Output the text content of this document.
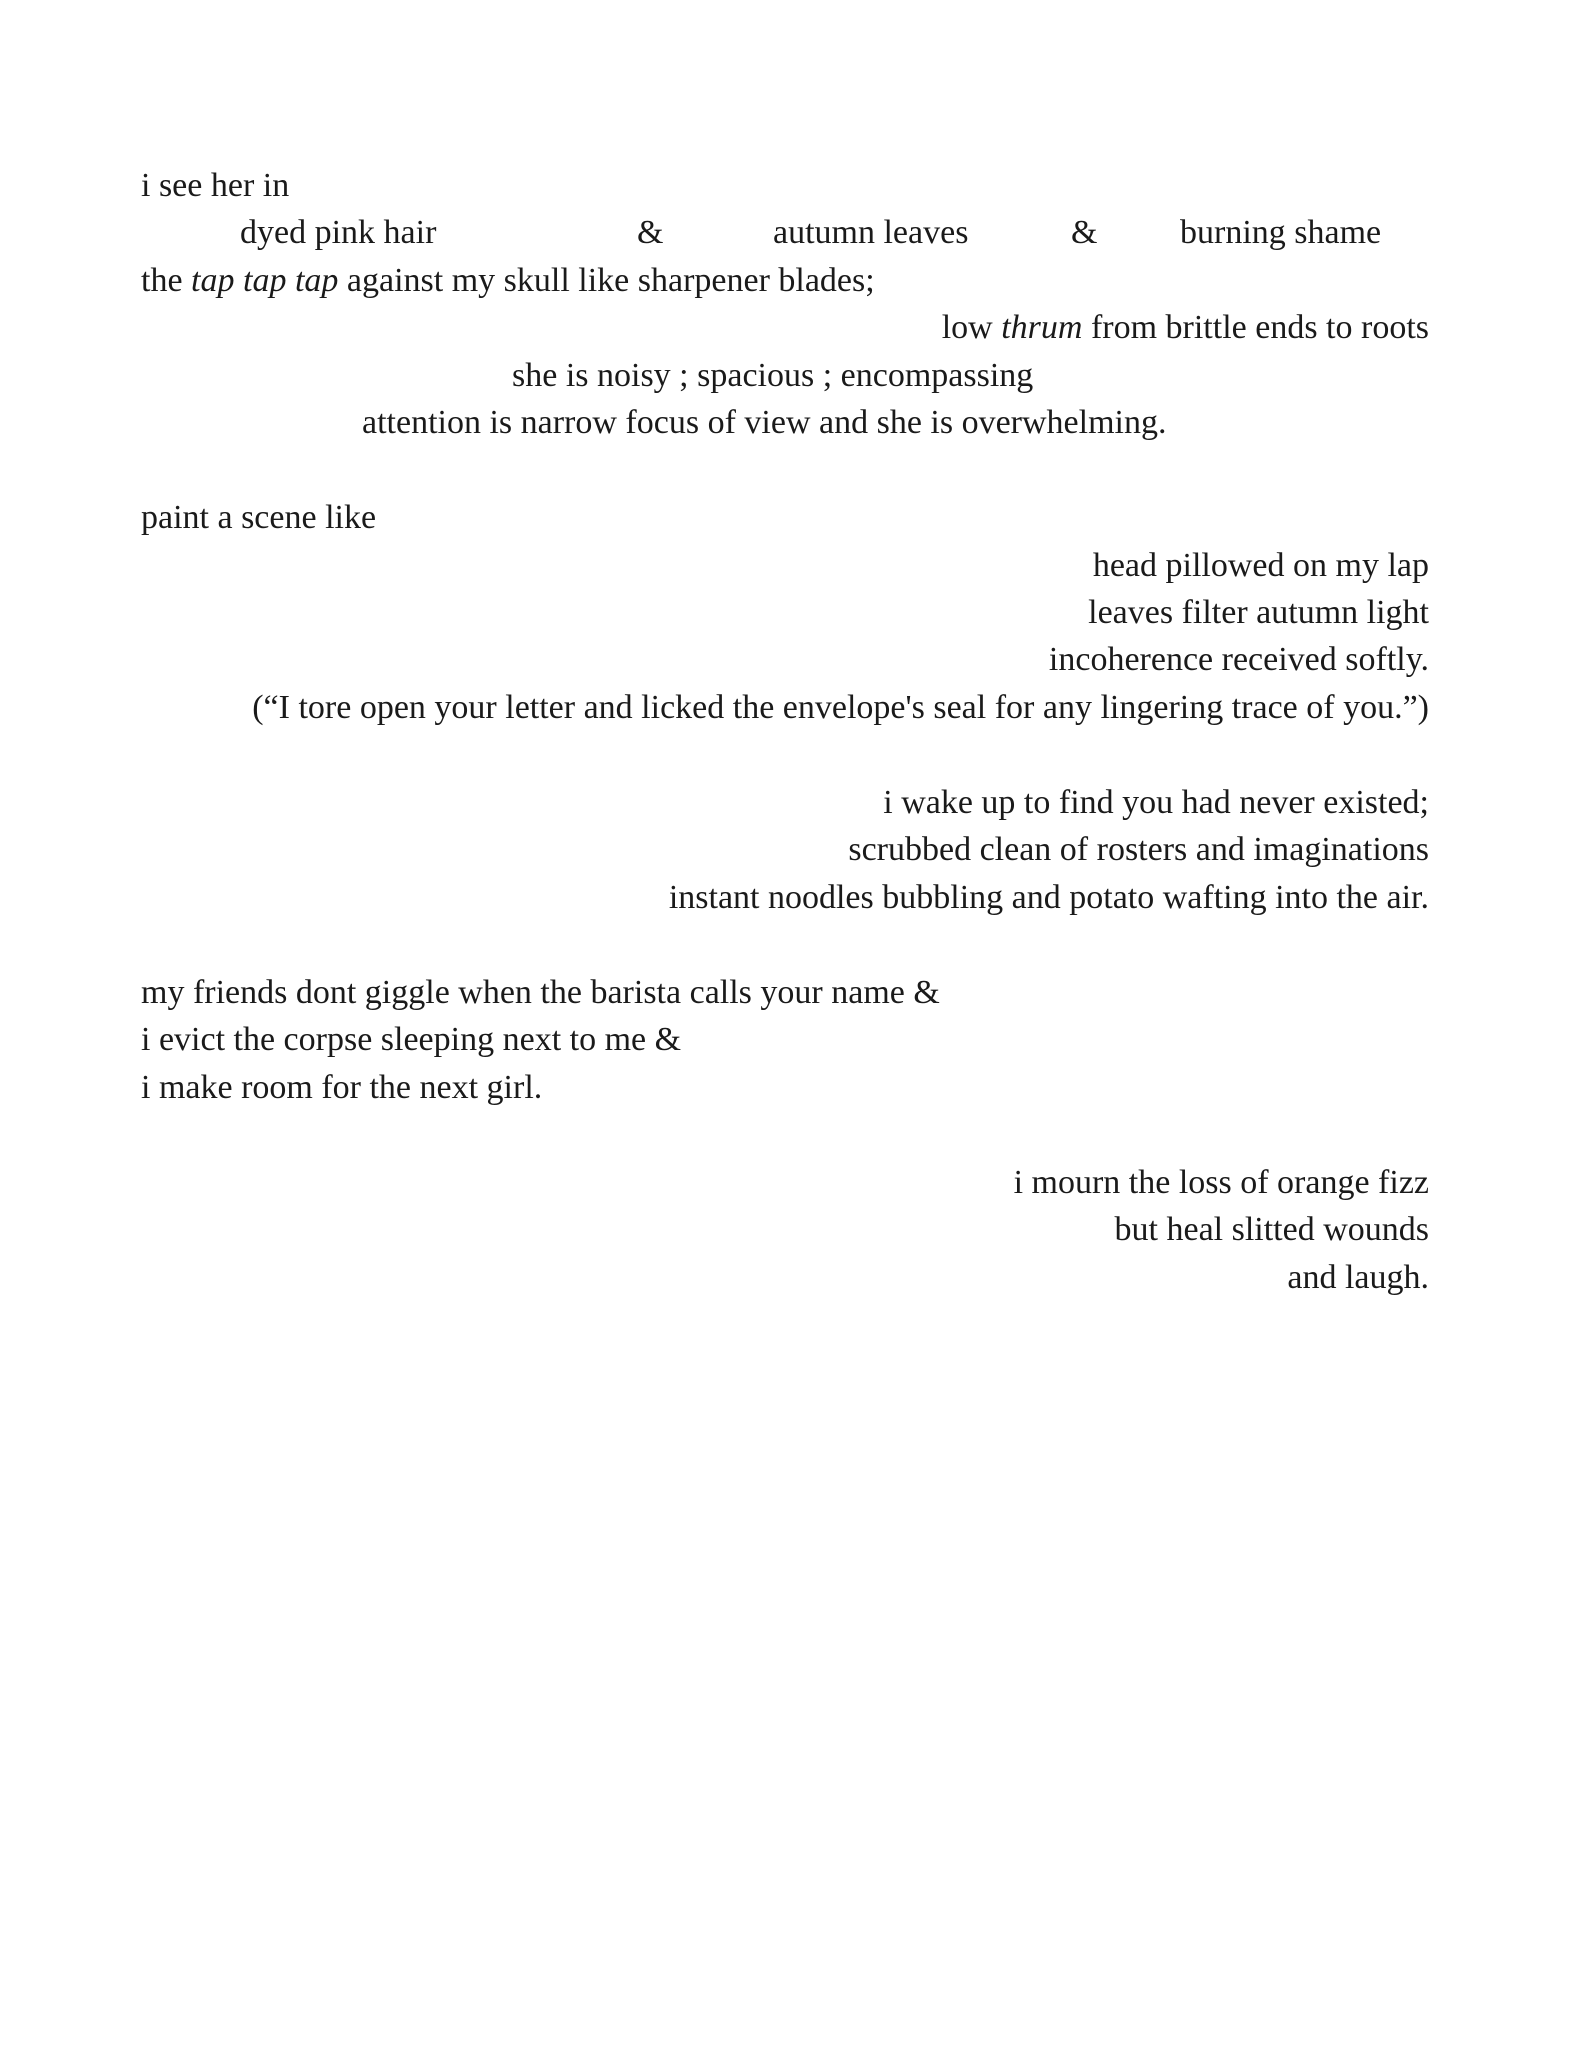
i see her in
dyed pink hair	&	autumn leaves	& burning shame
the tap tap tap against my skull like sharpener blades;
low thrum from brittle ends to roots
she is noisy ; spacious ; encompassing
attention is narrow focus of view and she is overwhelming.
paint a scene like
head pillowed on my lap
leaves filter autumn light
incoherence received softly.
(“I tore open your letter and licked the envelope's seal for any lingering trace of you.”)
i wake up to find you had never existed;
scrubbed clean of rosters and imaginations
instant noodles bubbling and potato wafting into the air.
my friends dont giggle when the barista calls your name &
i evict the corpse sleeping next to me &
i make room for the next girl.
i mourn the loss of orange fizz
but heal slitted wounds
and laugh.
